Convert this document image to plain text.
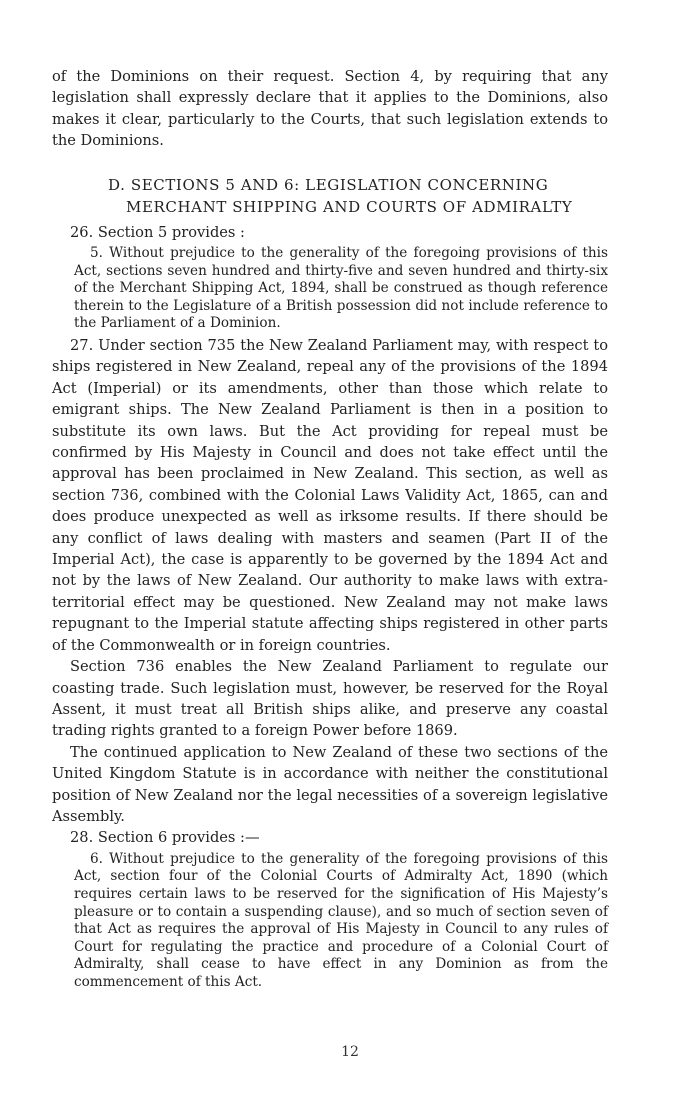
of the Dominions on their request. Section 4, by requiring that any legislation shall expressly declare that it applies to the Dominions, also makes it clear, particularly to the Courts, that such legislation extends to the Dominions.

D. SECTIONS 5 AND 6: LEGISLATION CONCERNING
MERCHANT SHIPPING AND COURTS OF ADMIRALTY

26. Section 5 provides :

5. Without prejudice to the generality of the foregoing provisions of this Act, sections seven hundred and thirty-five and seven hundred and thirty-six of the Merchant Shipping Act, 1894, shall be construed as though reference therein to the Legislature of a British possession did not include reference to the Parliament of a Dominion.

27. Under section 735 the New Zealand Parliament may, with respect to ships registered in New Zealand, repeal any of the provisions of the 1894 Act (Imperial) or its amendments, other than those which relate to emigrant ships. The New Zealand Parliament is then in a position to substitute its own laws. But the Act providing for repeal must be confirmed by His Majesty in Council and does not take effect until the approval has been proclaimed in New Zealand. This section, as well as section 736, combined with the Colonial Laws Validity Act, 1865, can and does produce unexpected as well as irksome results. If there should be any conflict of laws dealing with masters and seamen (Part II of the Imperial Act), the case is apparently to be governed by the 1894 Act and not by the laws of New Zealand. Our authority to make laws with extra-territorial effect may be questioned. New Zealand may not make laws repugnant to the Imperial statute affecting ships registered in other parts of the Commonwealth or in foreign countries.

Section 736 enables the New Zealand Parliament to regulate our coasting trade. Such legislation must, however, be reserved for the Royal Assent, it must treat all British ships alike, and preserve any coastal trading rights granted to a foreign Power before 1869.

The continued application to New Zealand of these two sections of the United Kingdom Statute is in accordance with neither the constitutional position of New Zealand nor the legal necessities of a sovereign legislative Assembly.

28. Section 6 provides :—

6. Without prejudice to the generality of the foregoing provisions of this Act, section four of the Colonial Courts of Admiralty Act, 1890 (which requires certain laws to be reserved for the signification of His Majesty’s pleasure or to contain a suspending clause), and so much of section seven of that Act as requires the approval of His Majesty in Council to any rules of Court for regulating the practice and procedure of a Colonial Court of Admiralty, shall cease to have effect in any Dominion as from the commencement of this Act.

12
